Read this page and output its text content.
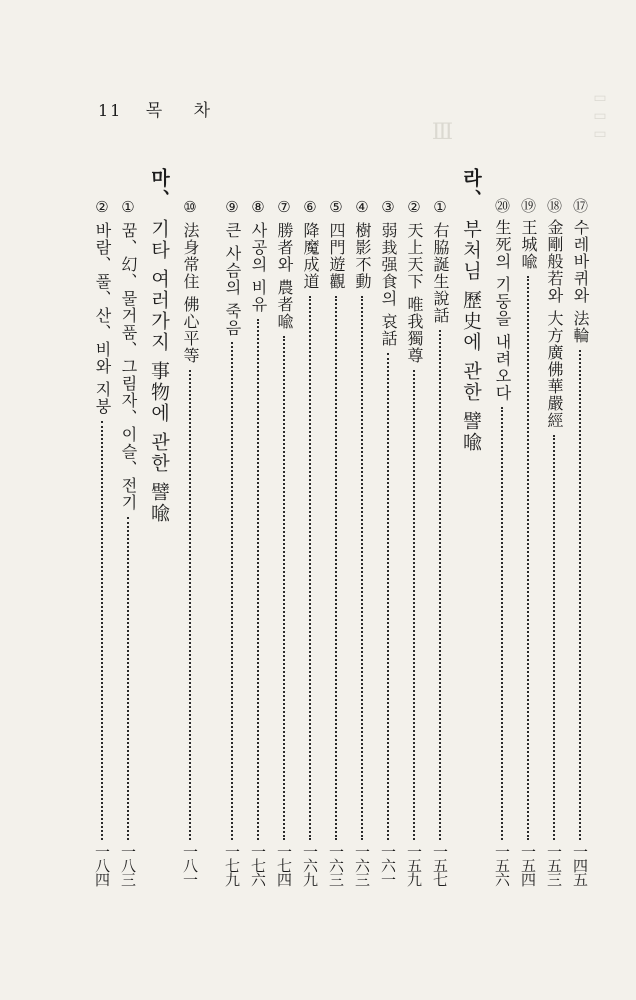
▭▭▭
Ⅲ
11 목 차
⑰
수레바퀴와 法輪
一四五
⑱
金剛般若와 大方廣佛華嚴經
一五三
⑲
王城喩
一五四
⑳
生死의 기둥을 내려오다
一五六
라、 부처님 歷史에 관한 譬喩
①
右脇誕生說話
一五七
②
天上天下 唯我獨尊
一五九
③
弱㦳强食의 哀話
一六一
④
樹影不動
一六三
⑤
四門遊觀
一六三
⑥
降魔成道
一六九
⑦
勝者와 農者喩
一七四
⑧
사공의 비유
一七六
⑨
큰 사슴의 죽음
一七九
⑩
法身常住 佛心平等
一八一
마、 기타 여러가지 事物에 관한 譬喩
①
꿈、幻、물거품、그림자、이슬、전기
一八三
②
바람、풀、산、비와 지붕
一八四
